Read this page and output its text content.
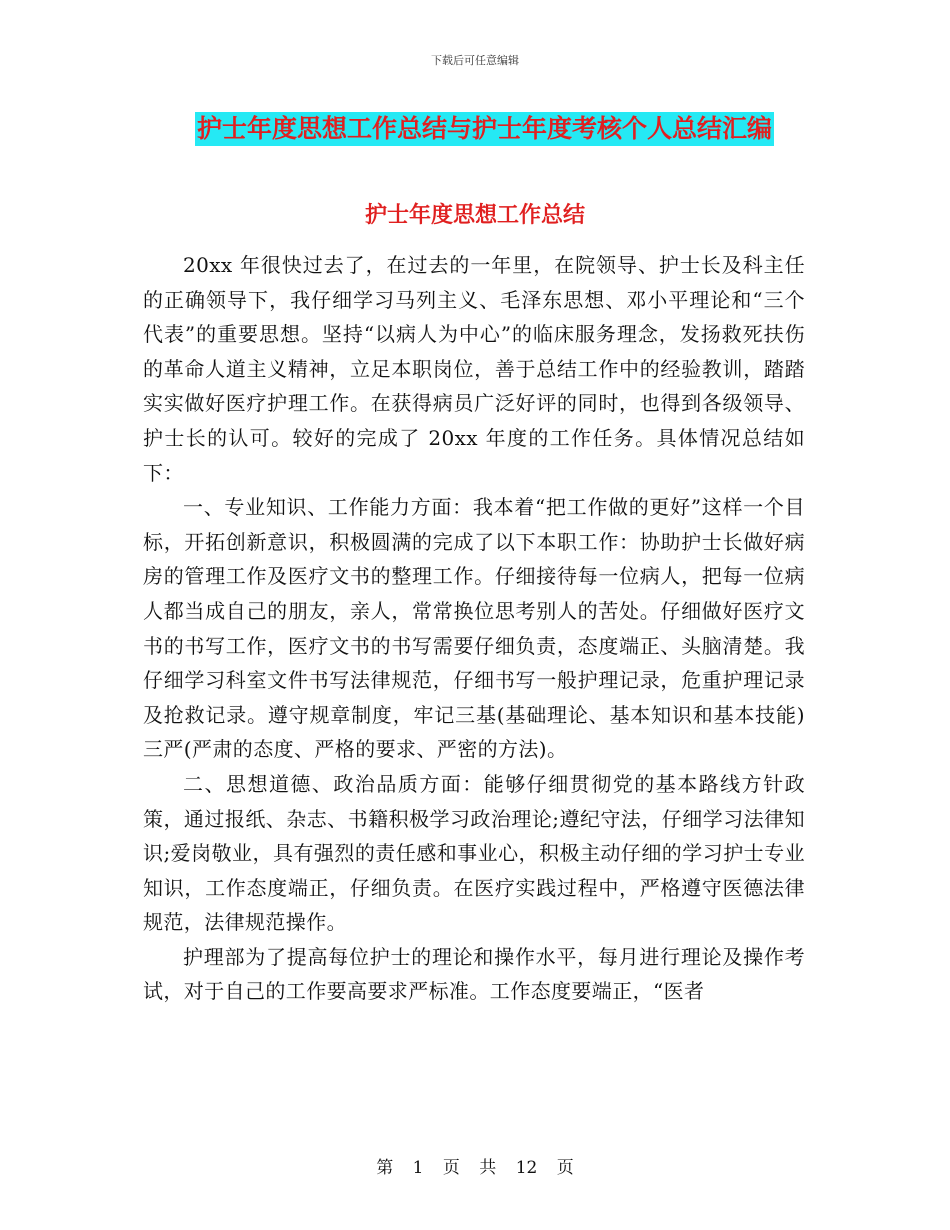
下载后可任意编辑
护士年度思想工作总结与护士年度考核个人总结汇编
护士年度思想工作总结

20xx 年很快过去了，在过去的一年里，在院领导、护士长及科主任的正确领导下，我仔细学习马列主义、毛泽东思想、邓小平理论和“三个代表”的重要思想。坚持“以病人为中心”的临床服务理念，发扬救死扶伤的革命人道主义精神，立足本职岗位，善于总结工作中的经验教训，踏踏实实做好医疗护理工作。在获得病员广泛好评的同时，也得到各级领导、护士长的认可。较好的完成了 20xx 年度的工作任务。具体情况总结如下：

一、专业知识、工作能力方面：我本着“把工作做的更好”这样一个目标，开拓创新意识，积极圆满的完成了以下本职工作：协助护士长做好病房的管理工作及医疗文书的整理工作。仔细接待每一位病人，把每一位病人都当成自己的朋友，亲人，常常换位思考别人的苦处。仔细做好医疗文书的书写工作，医疗文书的书写需要仔细负责，态度端正、头脑清楚。我仔细学习科室文件书写法律规范，仔细书写一般护理记录，危重护理记录及抢救记录。遵守规章制度，牢记三基(基础理论、基本知识和基本技能)三严(严肃的态度、严格的要求、严密的方法)。

二、思想道德、政治品质方面：能够仔细贯彻党的基本路线方针政策，通过报纸、杂志、书籍积极学习政治理论;遵纪守法，仔细学习法律知识;爱岗敬业，具有强烈的责任感和事业心，积极主动仔细的学习护士专业知识，工作态度端正，仔细负责。在医疗实践过程中，严格遵守医德法律规范，法律规范操作。

护理部为了提高每位护士的理论和操作水平，每月进行理论及操作考试，对于自己的工作要高要求严标准。工作态度要端正，“医者

第 1 页 共 12 页
